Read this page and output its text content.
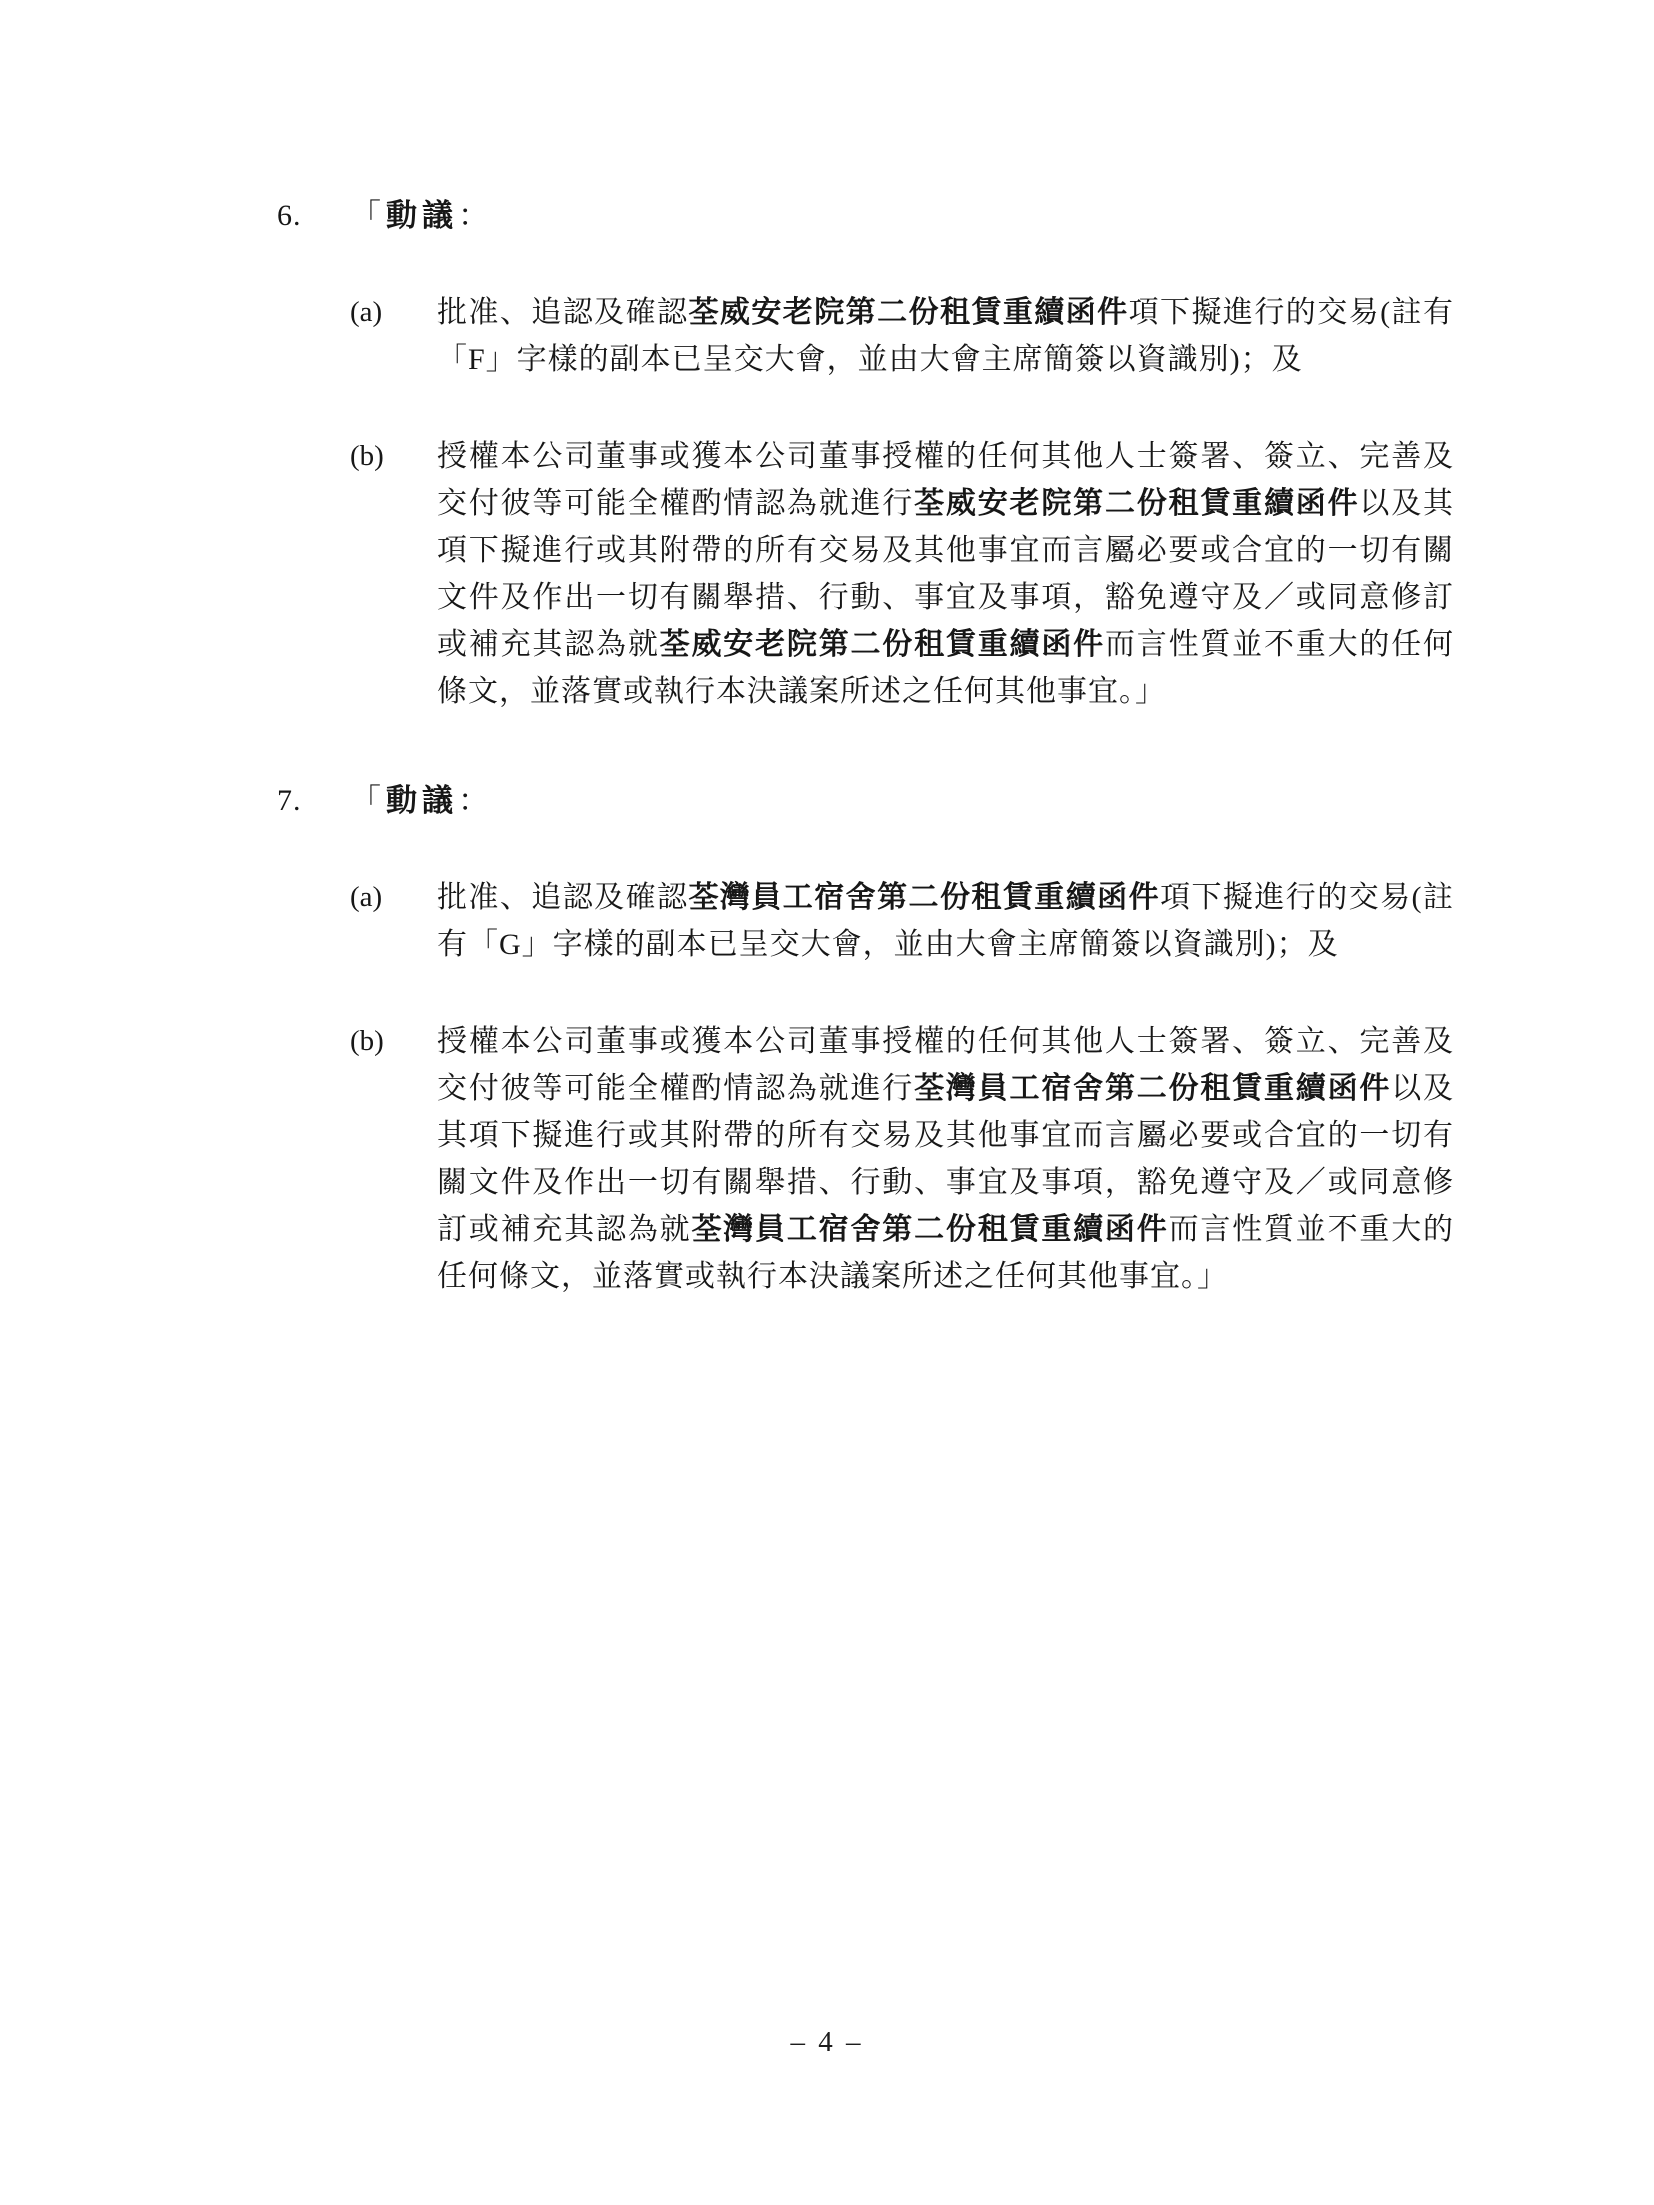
6.	「動議：

(a)	批准、追認及確認荃威安老院第二份租賃重續函件項下擬進行的交易(註有「F」字樣的副本已呈交大會，並由大會主席簡簽以資識別)；及

(b)	授權本公司董事或獲本公司董事授權的任何其他人士簽署、簽立、完善及交付彼等可能全權酌情認為就進行荃威安老院第二份租賃重續函件以及其項下擬進行或其附帶的所有交易及其他事宜而言屬必要或合宜的一切有關文件及作出一切有關舉措、行動、事宜及事項，豁免遵守及／或同意修訂或補充其認為就荃威安老院第二份租賃重續函件而言性質並不重大的任何條文，並落實或執行本決議案所述之任何其他事宜。」

7.	「動議：

(a)	批准、追認及確認荃灣員工宿舍第二份租賃重續函件項下擬進行的交易(註有「G」字樣的副本已呈交大會，並由大會主席簡簽以資識別)；及

(b)	授權本公司董事或獲本公司董事授權的任何其他人士簽署、簽立、完善及交付彼等可能全權酌情認為就進行荃灣員工宿舍第二份租賃重續函件以及其項下擬進行或其附帶的所有交易及其他事宜而言屬必要或合宜的一切有關文件及作出一切有關舉措、行動、事宜及事項，豁免遵守及／或同意修訂或補充其認為就荃灣員工宿舍第二份租賃重續函件而言性質並不重大的任何條文，並落實或執行本決議案所述之任何其他事宜。」

– 4 –
